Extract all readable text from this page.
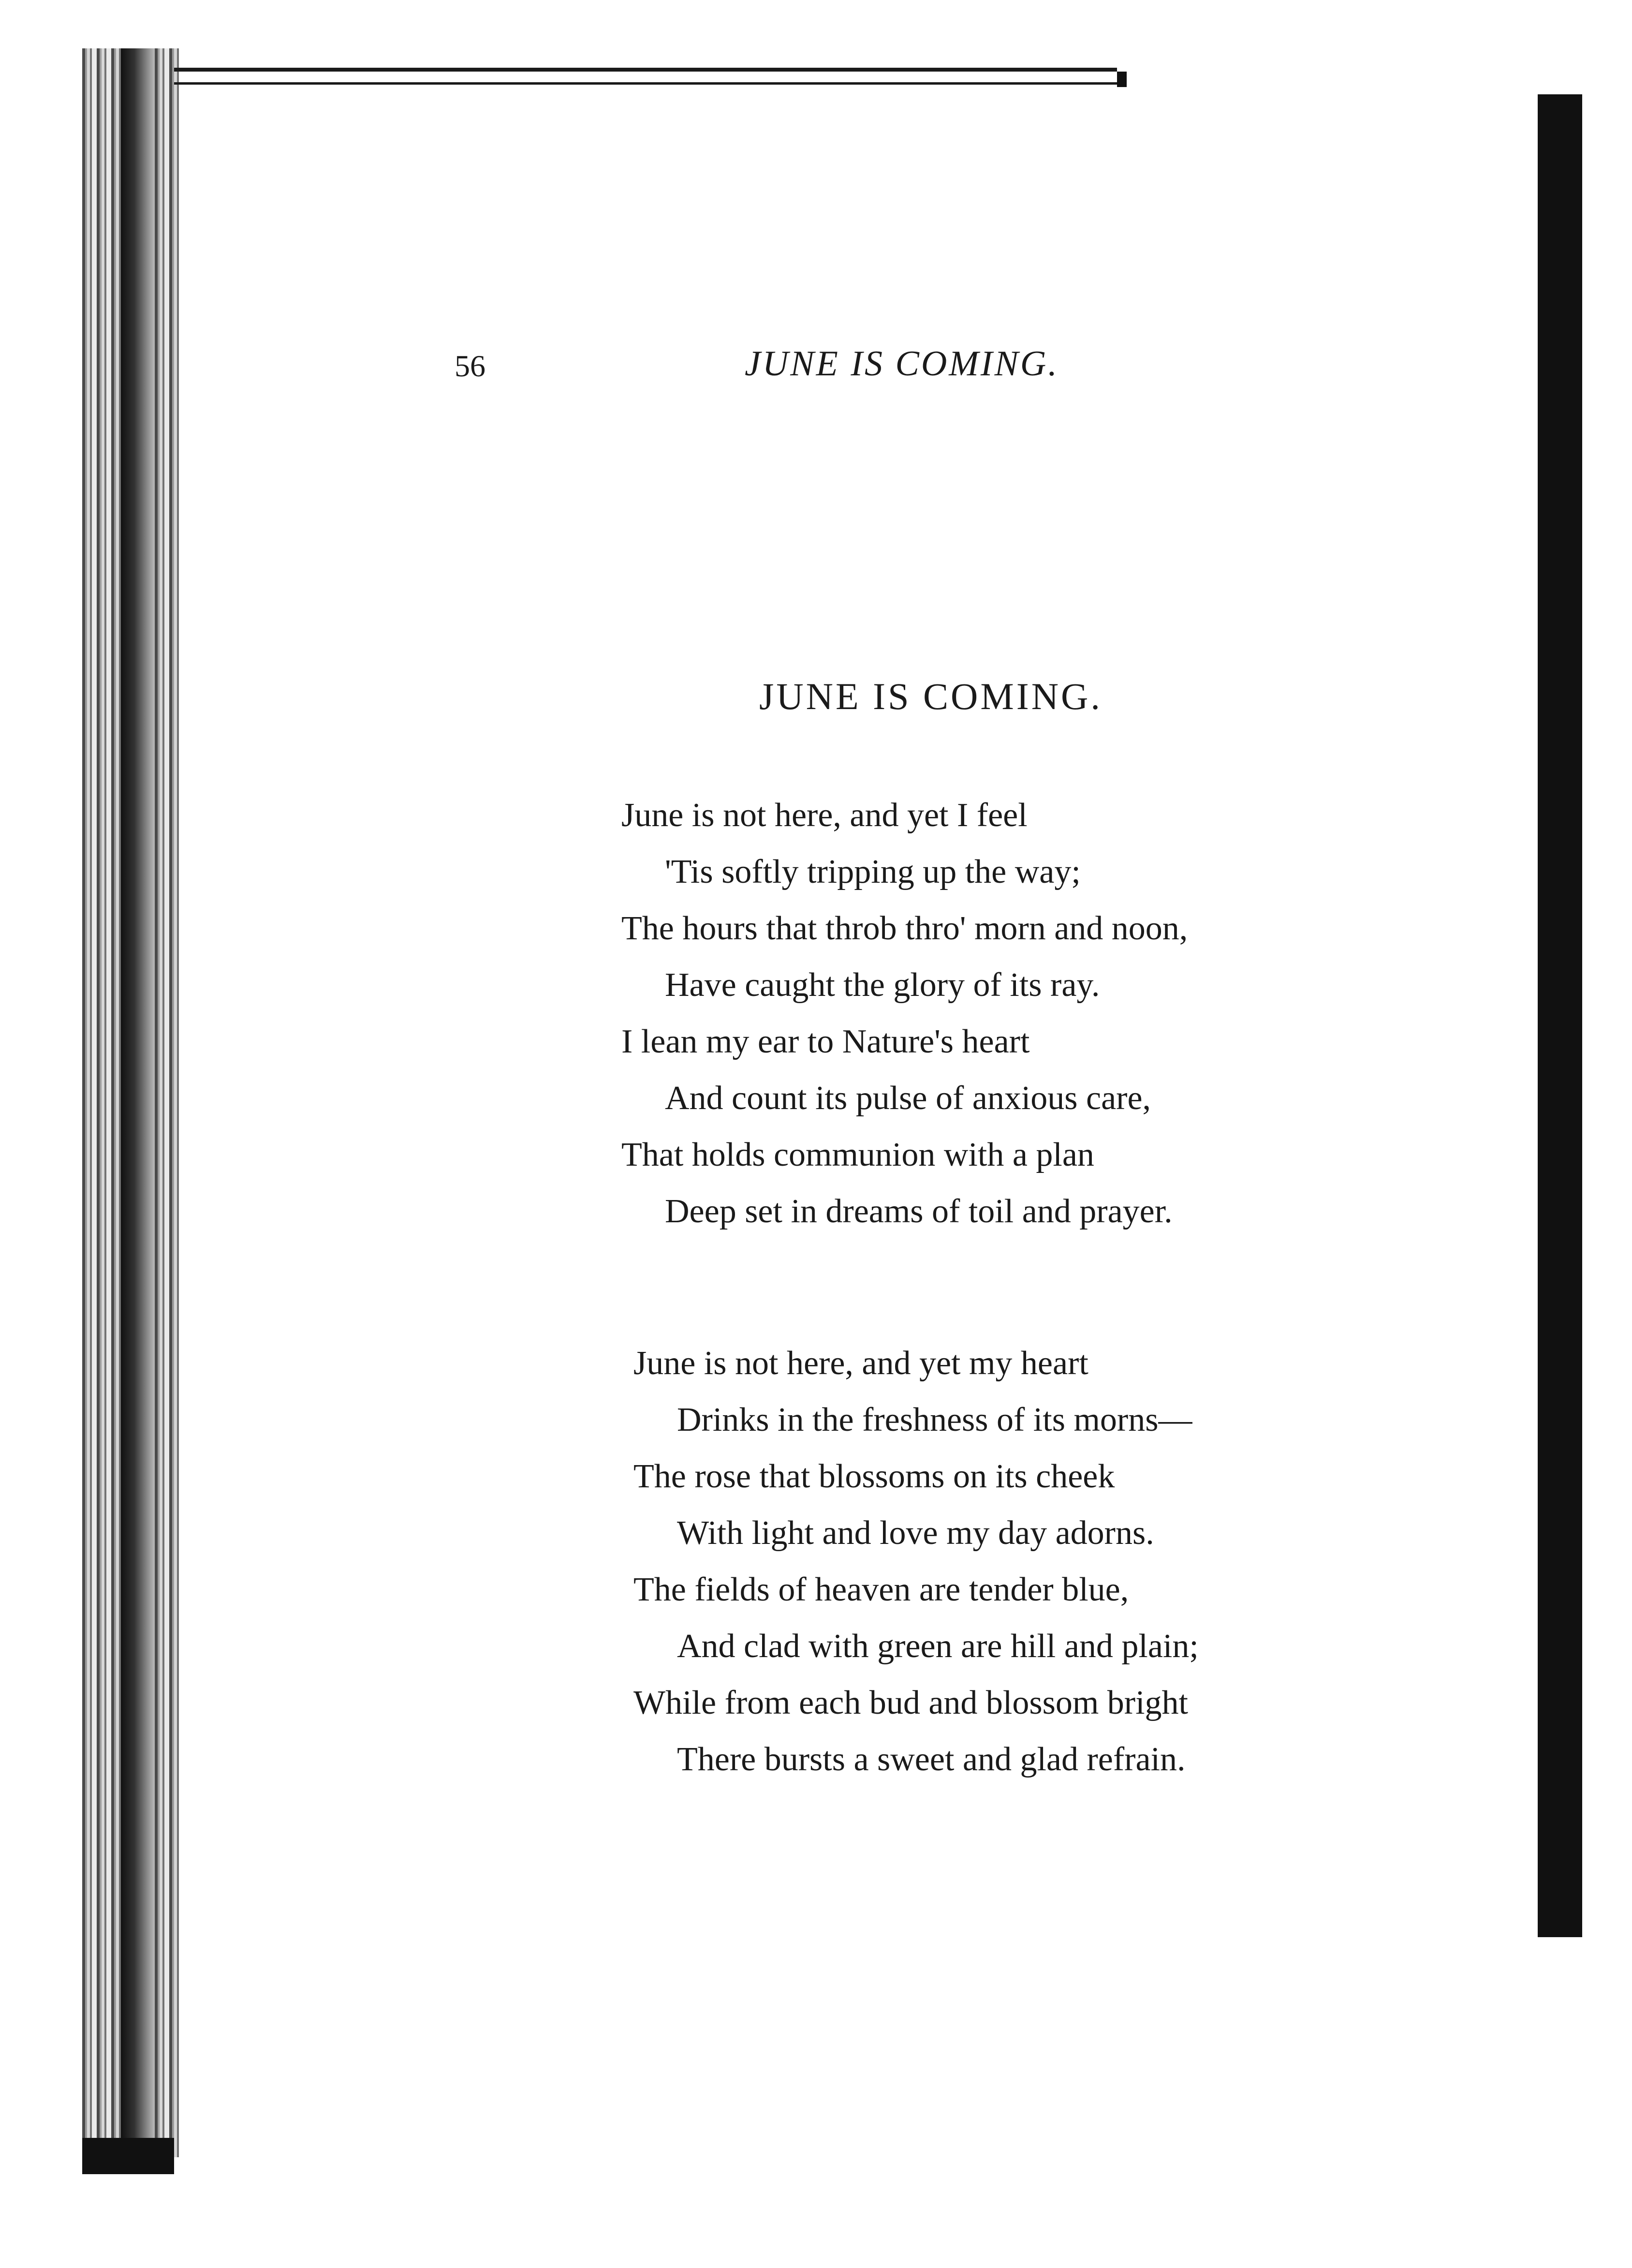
56	JUNE IS COMING.
JUNE IS COMING.
June is not here, and yet I feel
'Tis softly tripping up the way;
The hours that throb thro' morn and noon,
Have caught the glory of its ray.
I lean my ear to Nature's heart
And count its pulse of anxious care,
That holds communion with a plan
Deep set in dreams of toil and prayer.
June is not here, and yet my heart
Drinks in the freshness of its morns—
The rose that blossoms on its cheek
With light and love my day adorns.
The fields of heaven are tender blue,
And clad with green are hill and plain;
While from each bud and blossom bright
There bursts a sweet and glad refrain.
